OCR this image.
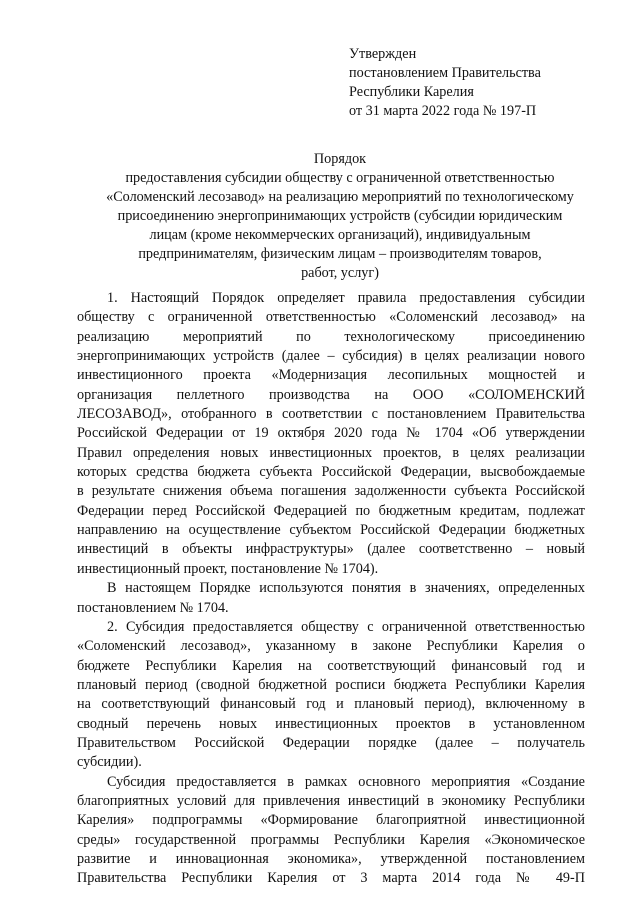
Утвержден
постановлением Правительства
Республики Карелия
от 31 марта 2022 года № 197-П
Порядок
предоставления субсидии обществу с ограниченной ответственностью
«Соломенский лесозавод» на реализацию мероприятий по технологическому
присоединению энергопринимающих устройств (субсидии юридическим
лицам (кроме некоммерческих организаций), индивидуальным
предпринимателям, физическим лицам – производителям товаров,
работ, услуг)

1. Настоящий Порядок определяет правила предоставления субсидии

обществу с ограниченной ответственностью «Соломенский лесозавод» на

реализацию мероприятий по технологическому присоединению

энергопринимающих устройств (далее – субсидия) в целях реализации нового

инвестиционного проекта «Модернизация лесопильных мощностей и

организация пеллетного производства на ООО «СОЛОМЕНСКИЙ

ЛЕСОЗАВОД», отобранного в соответствии с постановлением Правительства

Российской Федерации от 19 октября 2020 года № 1704 «Об утверждении

Правил определения новых инвестиционных проектов, в целях реализации

которых средства бюджета субъекта Российской Федерации, высвобождаемые

в результате снижения объема погашения задолженности субъекта Российской

Федерации перед Российской Федерацией по бюджетным кредитам, подлежат

направлению на осуществление субъектом Российской Федерации бюджетных

инвестиций в объекты инфраструктуры» (далее соответственно – новый

инвестиционный проект, постановление № 1704).

В настоящем Порядке используются понятия в значениях, определенных

постановлением № 1704.

2. Субсидия предоставляется обществу с ограниченной ответственностью

«Соломенский лесозавод», указанному в законе Республики Карелия о

бюджете Республики Карелия на соответствующий финансовый год и

плановый период (сводной бюджетной росписи бюджета Республики Карелия

на соответствующий финансовый год и плановый период), включенному в

сводный перечень новых инвестиционных проектов в установленном

Правительством Российской Федерации порядке (далее – получатель

субсидии).

Субсидия предоставляется в рамках основного мероприятия «Создание

благоприятных условий для привлечения инвестиций в экономику Республики

Карелия» подпрограммы «Формирование благоприятной инвестиционной

среды» государственной программы Республики Карелия «Экономическое

развитие и инновационная экономика», утвержденной постановлением

Правительства Республики Карелия от 3 марта 2014 года № 49-П
